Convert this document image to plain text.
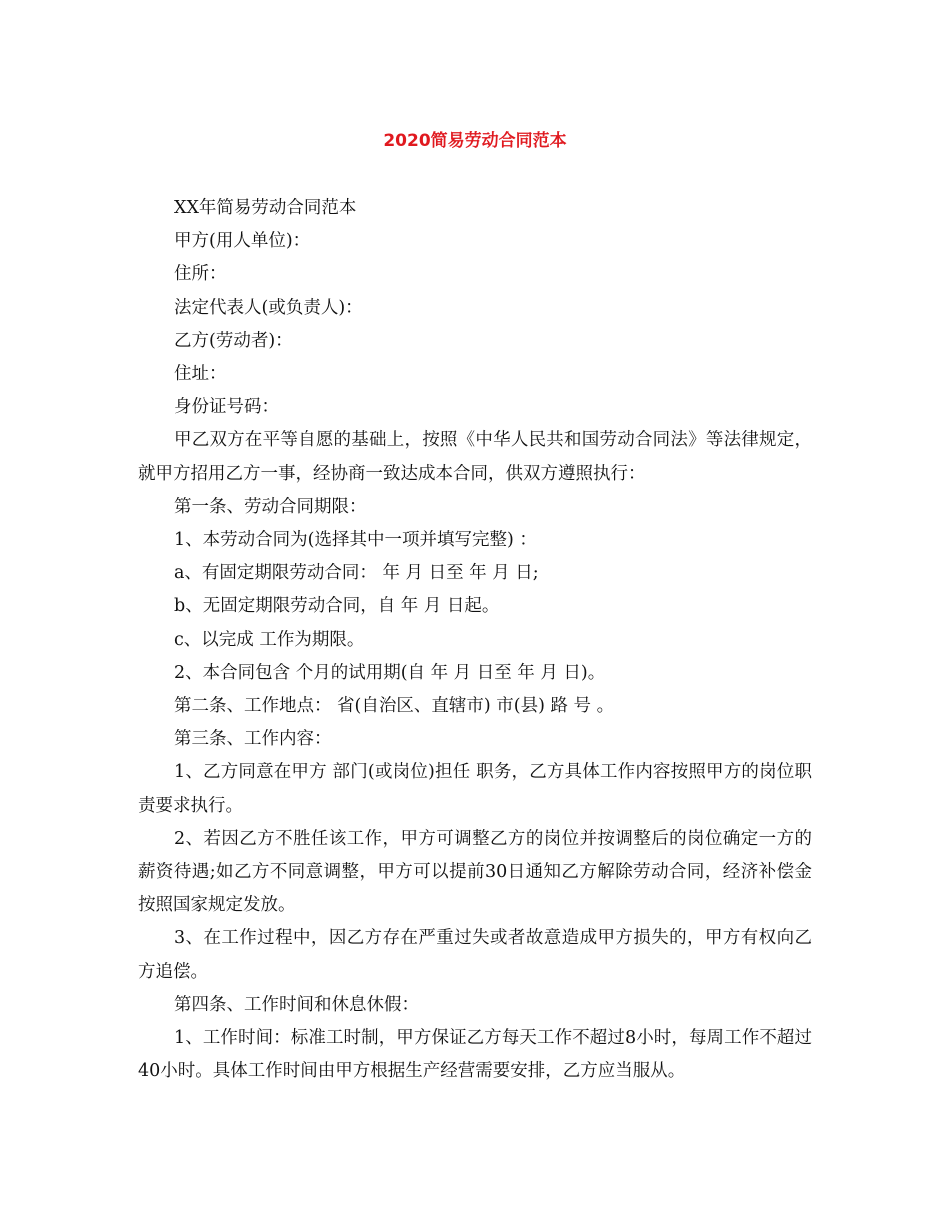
2020简易劳动合同范本

XX年简易劳动合同范本

甲方(用人单位)：

住所：

法定代表人(或负责人)：

乙方(劳动者)：

住址：

身份证号码：

甲乙双方在平等自愿的基础上，按照《中华人民共和国劳动合同法》等法律规定，就甲方招用乙方一事，经协商一致达成本合同，供双方遵照执行：

第一条、劳动合同期限：

1、本劳动合同为(选择其中一项并填写完整) ：

a、有固定期限劳动合同： 年 月 日至 年 月 日;

b、无固定期限劳动合同，自 年 月 日起。

c、以完成 工作为期限。

2、本合同包含 个月的试用期(自 年 月 日至 年 月 日)。

第二条、工作地点： 省(自治区、直辖市) 市(县) 路 号 。

第三条、工作内容：

1、乙方同意在甲方 部门(或岗位)担任 职务，乙方具体工作内容按照甲方的岗位职责要求执行。

2、若因乙方不胜任该工作，甲方可调整乙方的岗位并按调整后的岗位确定一方的薪资待遇;如乙方不同意调整，甲方可以提前30日通知乙方解除劳动合同，经济补偿金按照国家规定发放。

3、在工作过程中，因乙方存在严重过失或者故意造成甲方损失的，甲方有权向乙方追偿。

第四条、工作时间和休息休假：

1、工作时间：标准工时制，甲方保证乙方每天工作不超过8小时，每周工作不超过40小时。具体工作时间由甲方根据生产经营需要安排，乙方应当服从。
